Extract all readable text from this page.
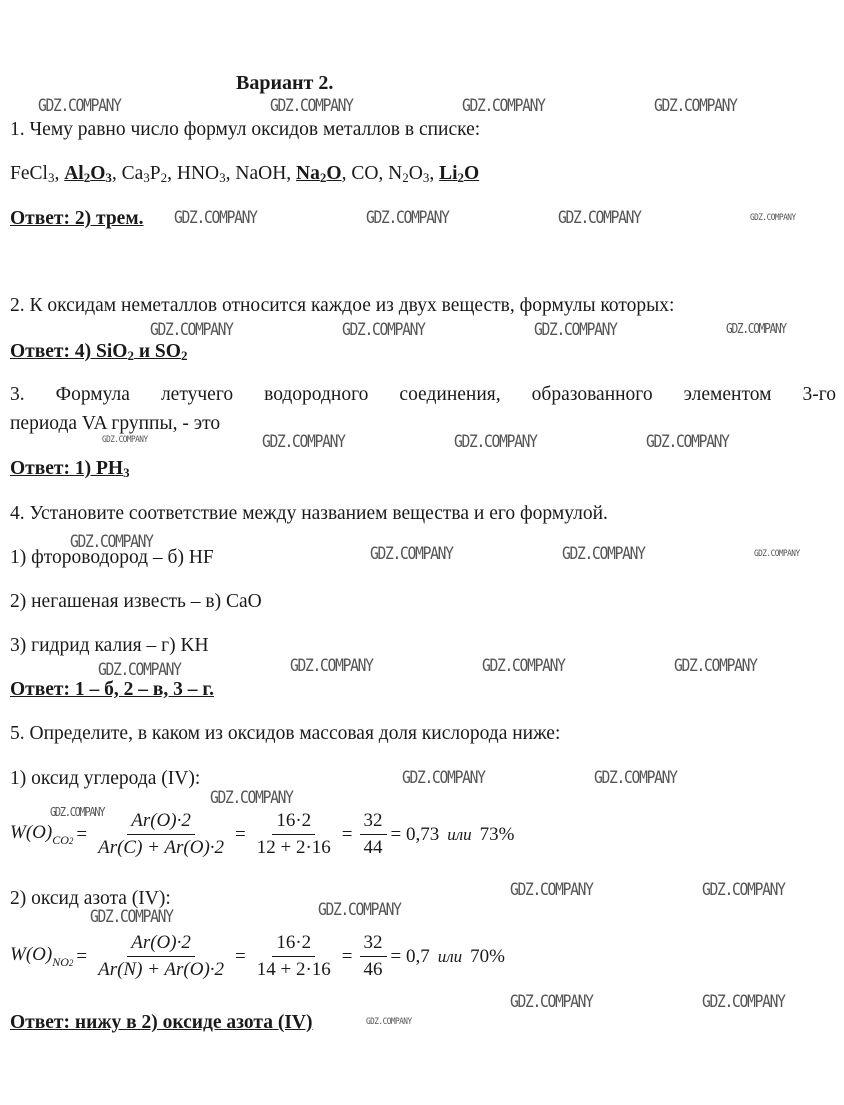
Вариант 2.
1. Чему равно число формул оксидов металлов в списке:
FeCl$_3$, $Al_2O_3$, $Ca_3P_2$, $HNO_3$, NaOH, $Na_2O$, CO, $N_2O_3$, $Li_2O$
Ответ: 2) трем.
2. К оксидам неметаллов относится каждое из двух веществ, формулы которых:
Ответ: 4) SiO$_2$ и $SO_2$
3. Формула летучего водородного соединения, образованного элементом 3-го
периода VA группы, - это
Ответ: 1) $PH_3$
4. Установите соответствие между названием вещества и его формулой.
1) фтороводород – б) HF
2) негашеная известь – в) CaO
3) гидрид калия – г) KH
Ответ: 1 – б, 2 – в, 3 – г.
5. Определите, в каком из оксидов массовая доля кислорода ниже:
1) оксид углерода (IV):
$W(O)_{CO2} = \frac{Ar(O)\cdot 2}{Ar(C) + Ar(O)\cdot 2} = \frac{16\cdot 2}{12 + 2\cdot 16} = \frac{32}{44} = 0,73$ или 73%
2) оксид азота (IV):
$W(O)_{NO2} = \frac{Ar(O)\cdot 2}{Ar(N) + Ar(O)\cdot 2} = \frac{16\cdot 2}{14 + 2\cdot 16} = \frac{32}{46} = 0,7$ или 70%
Ответ: нижу в 2) оксиде азота (IV)
GDZ.COMPANY	GDZ.COMPANY	GDZ.COMPANY	GDZ.COMPANY
GDZ.COMPANY	GDZ.COMPANY	GDZ.COMPANY	GDZ.COMPANY
GDZ.COMPANY	GDZ.COMPANY	GDZ.COMPANY	GDZ.COMPANY
GDZ.COMPANY	GDZ.COMPANY	GDZ.COMPANY	GDZ.COMPANY
GDZ.COMPANY
GDZ.COMPANY	GDZ.COMPANY	GDZ.COMPANY
GDZ.COMPANY	GDZ.COMPANY	GDZ.COMPANY	GDZ.COMPANY
GDZ.COMPANY	GDZ.COMPANY
GDZ.COMPANY
GDZ.COMPANY
GDZ.COMPANY	GDZ.COMPANY
GDZ.COMPANY
GDZ.COMPANY
GDZ.COMPANY	GDZ.COMPANY
GDZ.COMPANY
